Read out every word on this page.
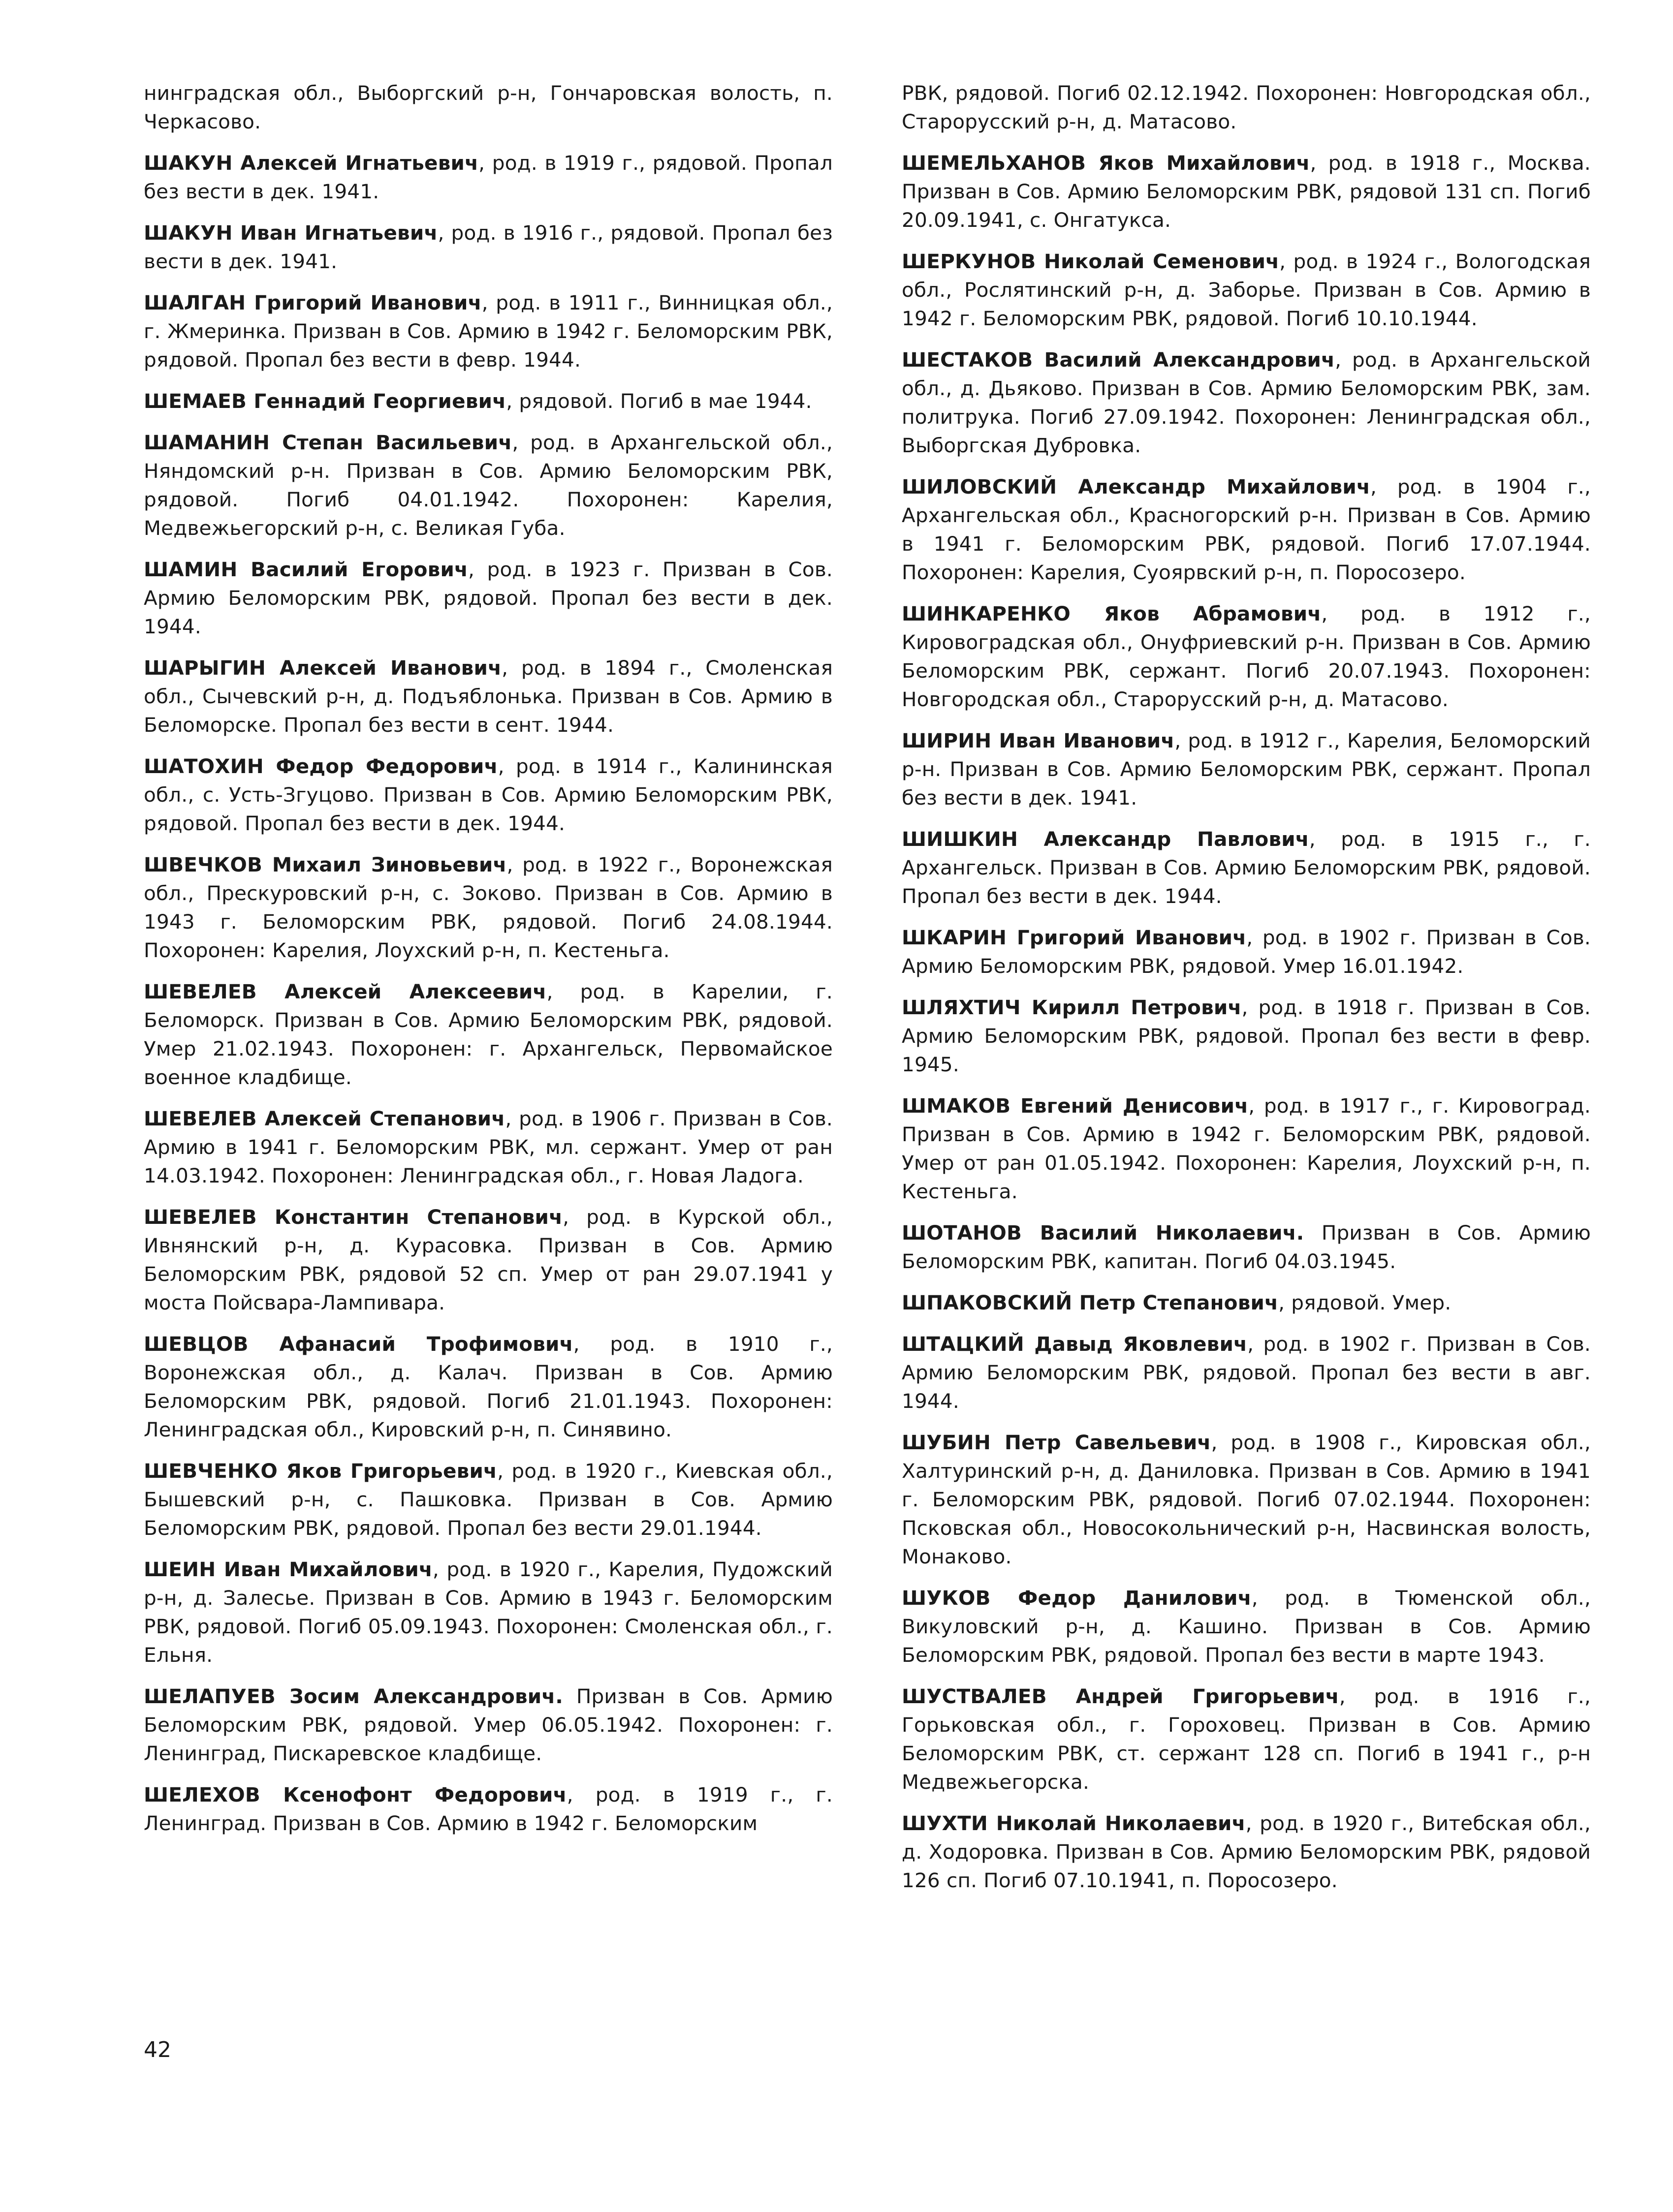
нинградская обл., Выборгский р-н, Гончаровская волость, п. Черкасово.

ШАКУН Алексей Игнатьевич, род. в 1919 г., рядовой. Пропал без вести в дек. 1941.

ШАКУН Иван Игнатьевич, род. в 1916 г., рядовой. Пропал без вести в дек. 1941.

ШАЛГАН Григорий Иванович, род. в 1911 г., Винницкая обл., г. Жмеринка. Призван в Сов. Армию в 1942 г. Беломорским РВК, рядовой. Пропал без вести в февр. 1944.

ШЕМАЕВ Геннадий Георгиевич, рядовой. Погиб в мае 1944.

ШАМАНИН Степан Васильевич, род. в Архангельской обл., Няндомский р-н. Призван в Сов. Армию Беломорским РВК, рядовой. Погиб 04.01.1942. Похоронен: Карелия, Медвежьегорский р-н, с. Великая Губа.

ШАМИН Василий Егорович, род. в 1923 г. Призван в Сов. Армию Беломорским РВК, рядовой. Пропал без вести в дек. 1944.

ШАРЫГИН Алексей Иванович, род. в 1894 г., Смоленская обл., Сычевский р-н, д. Подъяблонька. Призван в Сов. Армию в Беломорске. Пропал без вести в сент. 1944.

ШАТОХИН Федор Федорович, род. в 1914 г., Калининская обл., с. Усть-Згуцово. Призван в Сов. Армию Беломорским РВК, рядовой. Пропал без вести в дек. 1944.

ШВЕЧКОВ Михаил Зиновьевич, род. в 1922 г., Воронежская обл., Прескуровский р-н, с. Зоково. Призван в Сов. Армию в 1943 г. Беломорским РВК, рядовой. Погиб 24.08.1944. Похоронен: Карелия, Лоухский р-н, п. Кестеньга.

ШЕВЕЛЕВ Алексей Алексеевич, род. в Карелии, г. Беломорск. Призван в Сов. Армию Беломорским РВК, рядовой. Умер 21.02.1943. Похоронен: г. Архангельск, Первомайское военное кладбище.

ШЕВЕЛЕВ Алексей Степанович, род. в 1906 г. Призван в Сов. Армию в 1941 г. Беломорским РВК, мл. сержант. Умер от ран 14.03.1942. Похоронен: Ленинградская обл., г. Новая Ладога.

ШЕВЕЛЕВ Константин Степанович, род. в Курской обл., Ивнянский р-н, д. Курасовка. Призван в Сов. Армию Беломорским РВК, рядовой 52 сп. Умер от ран 29.07.1941 у моста Пойсвара-Лампивара.

ШЕВЦОВ Афанасий Трофимович, род. в 1910 г., Воронежская обл., д. Калач. Призван в Сов. Армию Беломорским РВК, рядовой. Погиб 21.01.1943. Похоронен: Ленинградская обл., Кировский р-н, п. Синявино.

ШЕВЧЕНКО Яков Григорьевич, род. в 1920 г., Киевская обл., Бышевский р-н, с. Пашковка. Призван в Сов. Армию Беломорским РВК, рядовой. Пропал без вести 29.01.1944.

ШЕИН Иван Михайлович, род. в 1920 г., Карелия, Пудожский р-н, д. Залесье. Призван в Сов. Армию в 1943 г. Беломорским РВК, рядовой. Погиб 05.09.1943. Похоронен: Смоленская обл., г. Ельня.

ШЕЛАПУЕВ Зосим Александрович. Призван в Сов. Армию Беломорским РВК, рядовой. Умер 06.05.1942. Похоронен: г. Ленинград, Пискаревское кладбище.

ШЕЛЕХОВ Ксенофонт Федорович, род. в 1919 г., г. Ленинград. Призван в Сов. Армию в 1942 г. Беломорским

РВК, рядовой. Погиб 02.12.1942. Похоронен: Новгородская обл., Старорусский р-н, д. Матасово.

ШЕМЕЛЬХАНОВ Яков Михайлович, род. в 1918 г., Москва. Призван в Сов. Армию Беломорским РВК, рядовой 131 сп. Погиб 20.09.1941, с. Онгатукса.

ШЕРКУНОВ Николай Семенович, род. в 1924 г., Вологодская обл., Рослятинский р-н, д. Заборье. Призван в Сов. Армию в 1942 г. Беломорским РВК, рядовой. Погиб 10.10.1944.

ШЕСТАКОВ Василий Александрович, род. в Архангельской обл., д. Дьяково. Призван в Сов. Армию Беломорским РВК, зам. политрука. Погиб 27.09.1942. Похоронен: Ленинградская обл., Выборгская Дубровка.

ШИЛОВСКИЙ Александр Михайлович, род. в 1904 г., Архангельская обл., Красногорский р-н. Призван в Сов. Армию в 1941 г. Беломорским РВК, рядовой. Погиб 17.07.1944. Похоронен: Карелия, Суоярвский р-н, п. Поросозеро.

ШИНКАРЕНКО Яков Абрамович, род. в 1912 г., Кировоградская обл., Онуфриевский р-н. Призван в Сов. Армию Беломорским РВК, сержант. Погиб 20.07.1943. Похоронен: Новгородская обл., Старорусский р-н, д. Матасово.

ШИРИН Иван Иванович, род. в 1912 г., Карелия, Беломорский р-н. Призван в Сов. Армию Беломорским РВК, сержант. Пропал без вести в дек. 1941.

ШИШКИН Александр Павлович, род. в 1915 г., г. Архангельск. Призван в Сов. Армию Беломорским РВК, рядовой. Пропал без вести в дек. 1944.

ШКАРИН Григорий Иванович, род. в 1902 г. Призван в Сов. Армию Беломорским РВК, рядовой. Умер 16.01.1942.

ШЛЯХТИЧ Кирилл Петрович, род. в 1918 г. Призван в Сов. Армию Беломорским РВК, рядовой. Пропал без вести в февр. 1945.

ШМАКОВ Евгений Денисович, род. в 1917 г., г. Кировоград. Призван в Сов. Армию в 1942 г. Беломорским РВК, рядовой. Умер от ран 01.05.1942. Похоронен: Карелия, Лоухский р-н, п. Кестеньга.

ШОТАНОВ Василий Николаевич. Призван в Сов. Армию Беломорским РВК, капитан. Погиб 04.03.1945.

ШПАКОВСКИЙ Петр Степанович, рядовой. Умер.

ШТАЦКИЙ Давыд Яковлевич, род. в 1902 г. Призван в Сов. Армию Беломорским РВК, рядовой. Пропал без вести в авг. 1944.

ШУБИН Петр Савельевич, род. в 1908 г., Кировская обл., Халтуринский р-н, д. Даниловка. Призван в Сов. Армию в 1941 г. Беломорским РВК, рядовой. Погиб 07.02.1944. Похоронен: Псковская обл., Новосокольнический р-н, Насвинская волость, Монаково.

ШУКОВ Федор Данилович, род. в Тюменской обл., Викуловский р-н, д. Кашино. Призван в Сов. Армию Беломорским РВК, рядовой. Пропал без вести в марте 1943.

ШУСТВАЛЕВ Андрей Григорьевич, род. в 1916 г., Горьковская обл., г. Гороховец. Призван в Сов. Армию Беломорским РВК, ст. сержант 128 сп. Погиб в 1941 г., р-н Медвежьегорска.

ШУХТИ Николай Николаевич, род. в 1920 г., Витебская обл., д. Ходоровка. Призван в Сов. Армию Беломорским РВК, рядовой 126 сп. Погиб 07.10.1941, п. Поросозеро.

42
